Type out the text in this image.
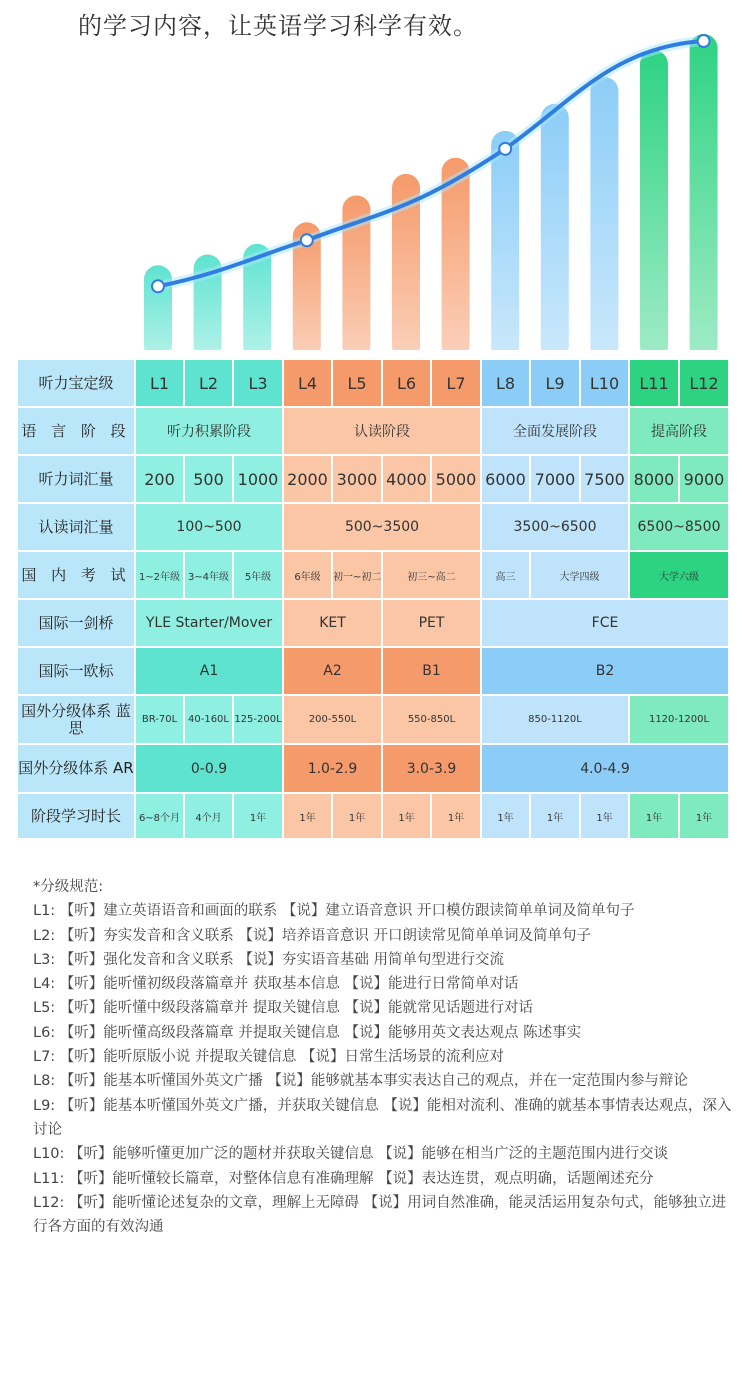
的学习内容，让英语学习科学有效。
听力宝定级	L1	L2	L3	L4	L5	L6	L7	L8	L9	L10	L11	L12
语 言 阶 段	听力积累阶段			认读阶段				全面发展阶段			提高阶段	
听力词汇量	200	500	1000	2000	3000	4000	5000	6000	7000	7500	8000	9000
认读词汇量	100~500			500~3500				3500~6500			6500~8500	
国 内 考 试	1~2年级	3~4年级	5年级	6年级	初一~初二	初三~高二		高三	大学四级		大学六级	
国际一剑桥	YLE Starter/Mover			KET		PET		FCE				
国际一欧标	A1			A2		B1		B2				
国外分级体系 蓝思	BR-70L	40-160L	125-200L	200-550L		550-850L		850-1120L			1120-1200L	
国外分级体系 AR	0-0.9			1.0-2.9		3.0-3.9		4.0-4.9				
阶段学习时长	6~8个月	4个月	1年	1年	1年	1年	1年	1年	1年	1年	1年	1年

*分级规范:

L1: 【听】建立英语语音和画面的联系 【说】建立语音意识 开口模仿跟读简单单词及简单句子

L2: 【听】夯实发音和含义联系 【说】培养语音意识 开口朗读常见简单单词及简单句子

L3: 【听】强化发音和含义联系 【说】夯实语音基础 用简单句型进行交流

L4: 【听】能听懂初级段落篇章并 获取基本信息 【说】能进行日常简单对话

L5: 【听】能听懂中级段落篇章并 提取关键信息 【说】能就常见话题进行对话

L6: 【听】能听懂高级段落篇章 并提取关键信息 【说】能够用英文表达观点 陈述事实

L7: 【听】能听原版小说 并提取关键信息 【说】日常生活场景的流利应对

L8: 【听】能基本听懂国外英文广播 【说】能够就基本事实表达自己的观点，并在一定范围内参与辩论

L9: 【听】能基本听懂国外英文广播，并获取关键信息 【说】能相对流利、准确的就基本事情表达观点，深入讨论

L10: 【听】能够听懂更加广泛的题材并获取关键信息 【说】能够在相当广泛的主题范围内进行交谈

L11: 【听】能听懂较长篇章，对整体信息有准确理解 【说】表达连贯，观点明确，话题阐述充分

L12: 【听】能听懂论述复杂的文章，理解上无障碍 【说】用词自然准确，能灵活运用复杂句式，能够独立进行各方面的有效沟通
